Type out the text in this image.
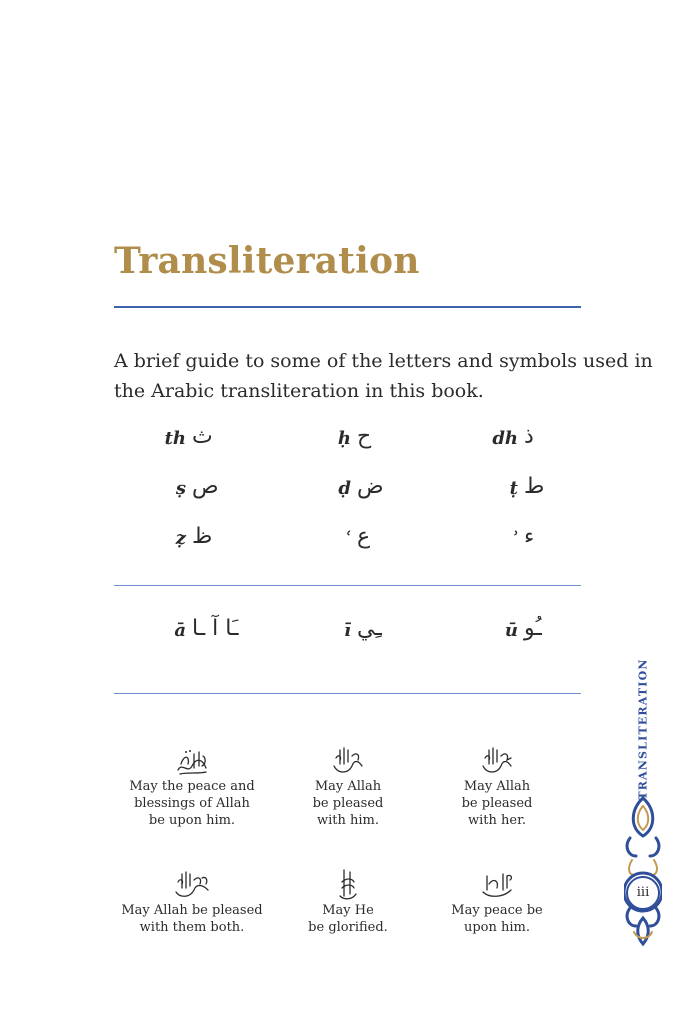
Transliteration

A brief guide to some of the letters and symbols used in
the Arabic transliteration in this book.

th ث	ḥ ح	dh ذ
ṣ ص	ḍ ض	ṭ ط
ẓ ظ	ʿ ع	ʾ ء
ā ـَا آ ـا	ī ـِي	ū ـُو
May the peace and
blessings of Allah
be upon him.
May Allah
be pleased
with him.
May Allah
be pleased
with her.
May Allah be pleased
with them both.
May He
be glorified.
May peace be
upon him.
TRANSLITERATION
iii
